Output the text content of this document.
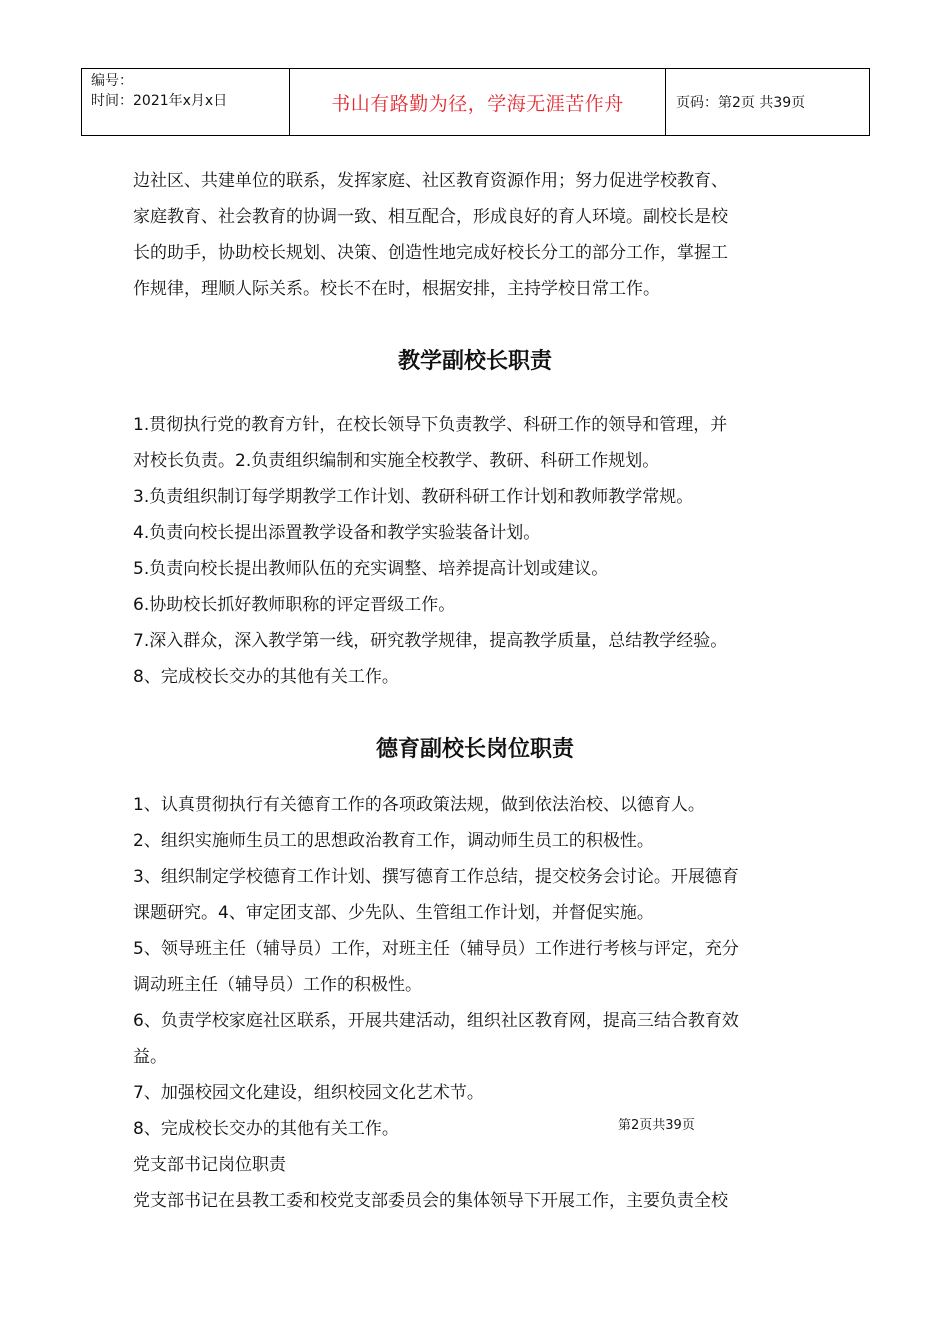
编号：
时间：2021年x月x日	书山有路勤为径，学海无涯苦作舟	页码：第2页 共39页

边社区、共建单位的联系，发挥家庭、社区教育资源作用；努力促进学校教育、

家庭教育、社会教育的协调一致、相互配合，形成良好的育人环境。副校长是校

长的助手，协助校长规划、决策、创造性地完成好校长分工的部分工作，掌握工

作规律，理顺人际关系。校长不在时，根据安排，主持学校日常工作。

教学副校长职责

1.贯彻执行党的教育方针，在校长领导下负责教学、科研工作的领导和管理，并

对校长负责。2.负责组织编制和实施全校教学、教研、科研工作规划。

3.负责组织制订每学期教学工作计划、教研科研工作计划和教师教学常规。

4.负责向校长提出添置教学设备和教学实验装备计划。

5.负责向校长提出教师队伍的充实调整、培养提高计划或建议。

6.协助校长抓好教师职称的评定晋级工作。

7.深入群众，深入教学第一线，研究教学规律，提高教学质量，总结教学经验。

8、完成校长交办的其他有关工作。

德育副校长岗位职责

1、认真贯彻执行有关德育工作的各项政策法规，做到依法治校、以德育人。

2、组织实施师生员工的思想政治教育工作，调动师生员工的积极性。

3、组织制定学校德育工作计划、撰写德育工作总结，提交校务会讨论。开展德育

课题研究。4、审定团支部、少先队、生管组工作计划，并督促实施。

5、领导班主任（辅导员）工作，对班主任（辅导员）工作进行考核与评定，充分

调动班主任（辅导员）工作的积极性。

6、负责学校家庭社区联系，开展共建活动，组织社区教育网，提高三结合教育效

益。

7、加强校园文化建设，组织校园文化艺术节。

8、完成校长交办的其他有关工作。

党支部书记岗位职责

党支部书记在县教工委和校党支部委员会的集体领导下开展工作，主要负责全校

第2页共39页
